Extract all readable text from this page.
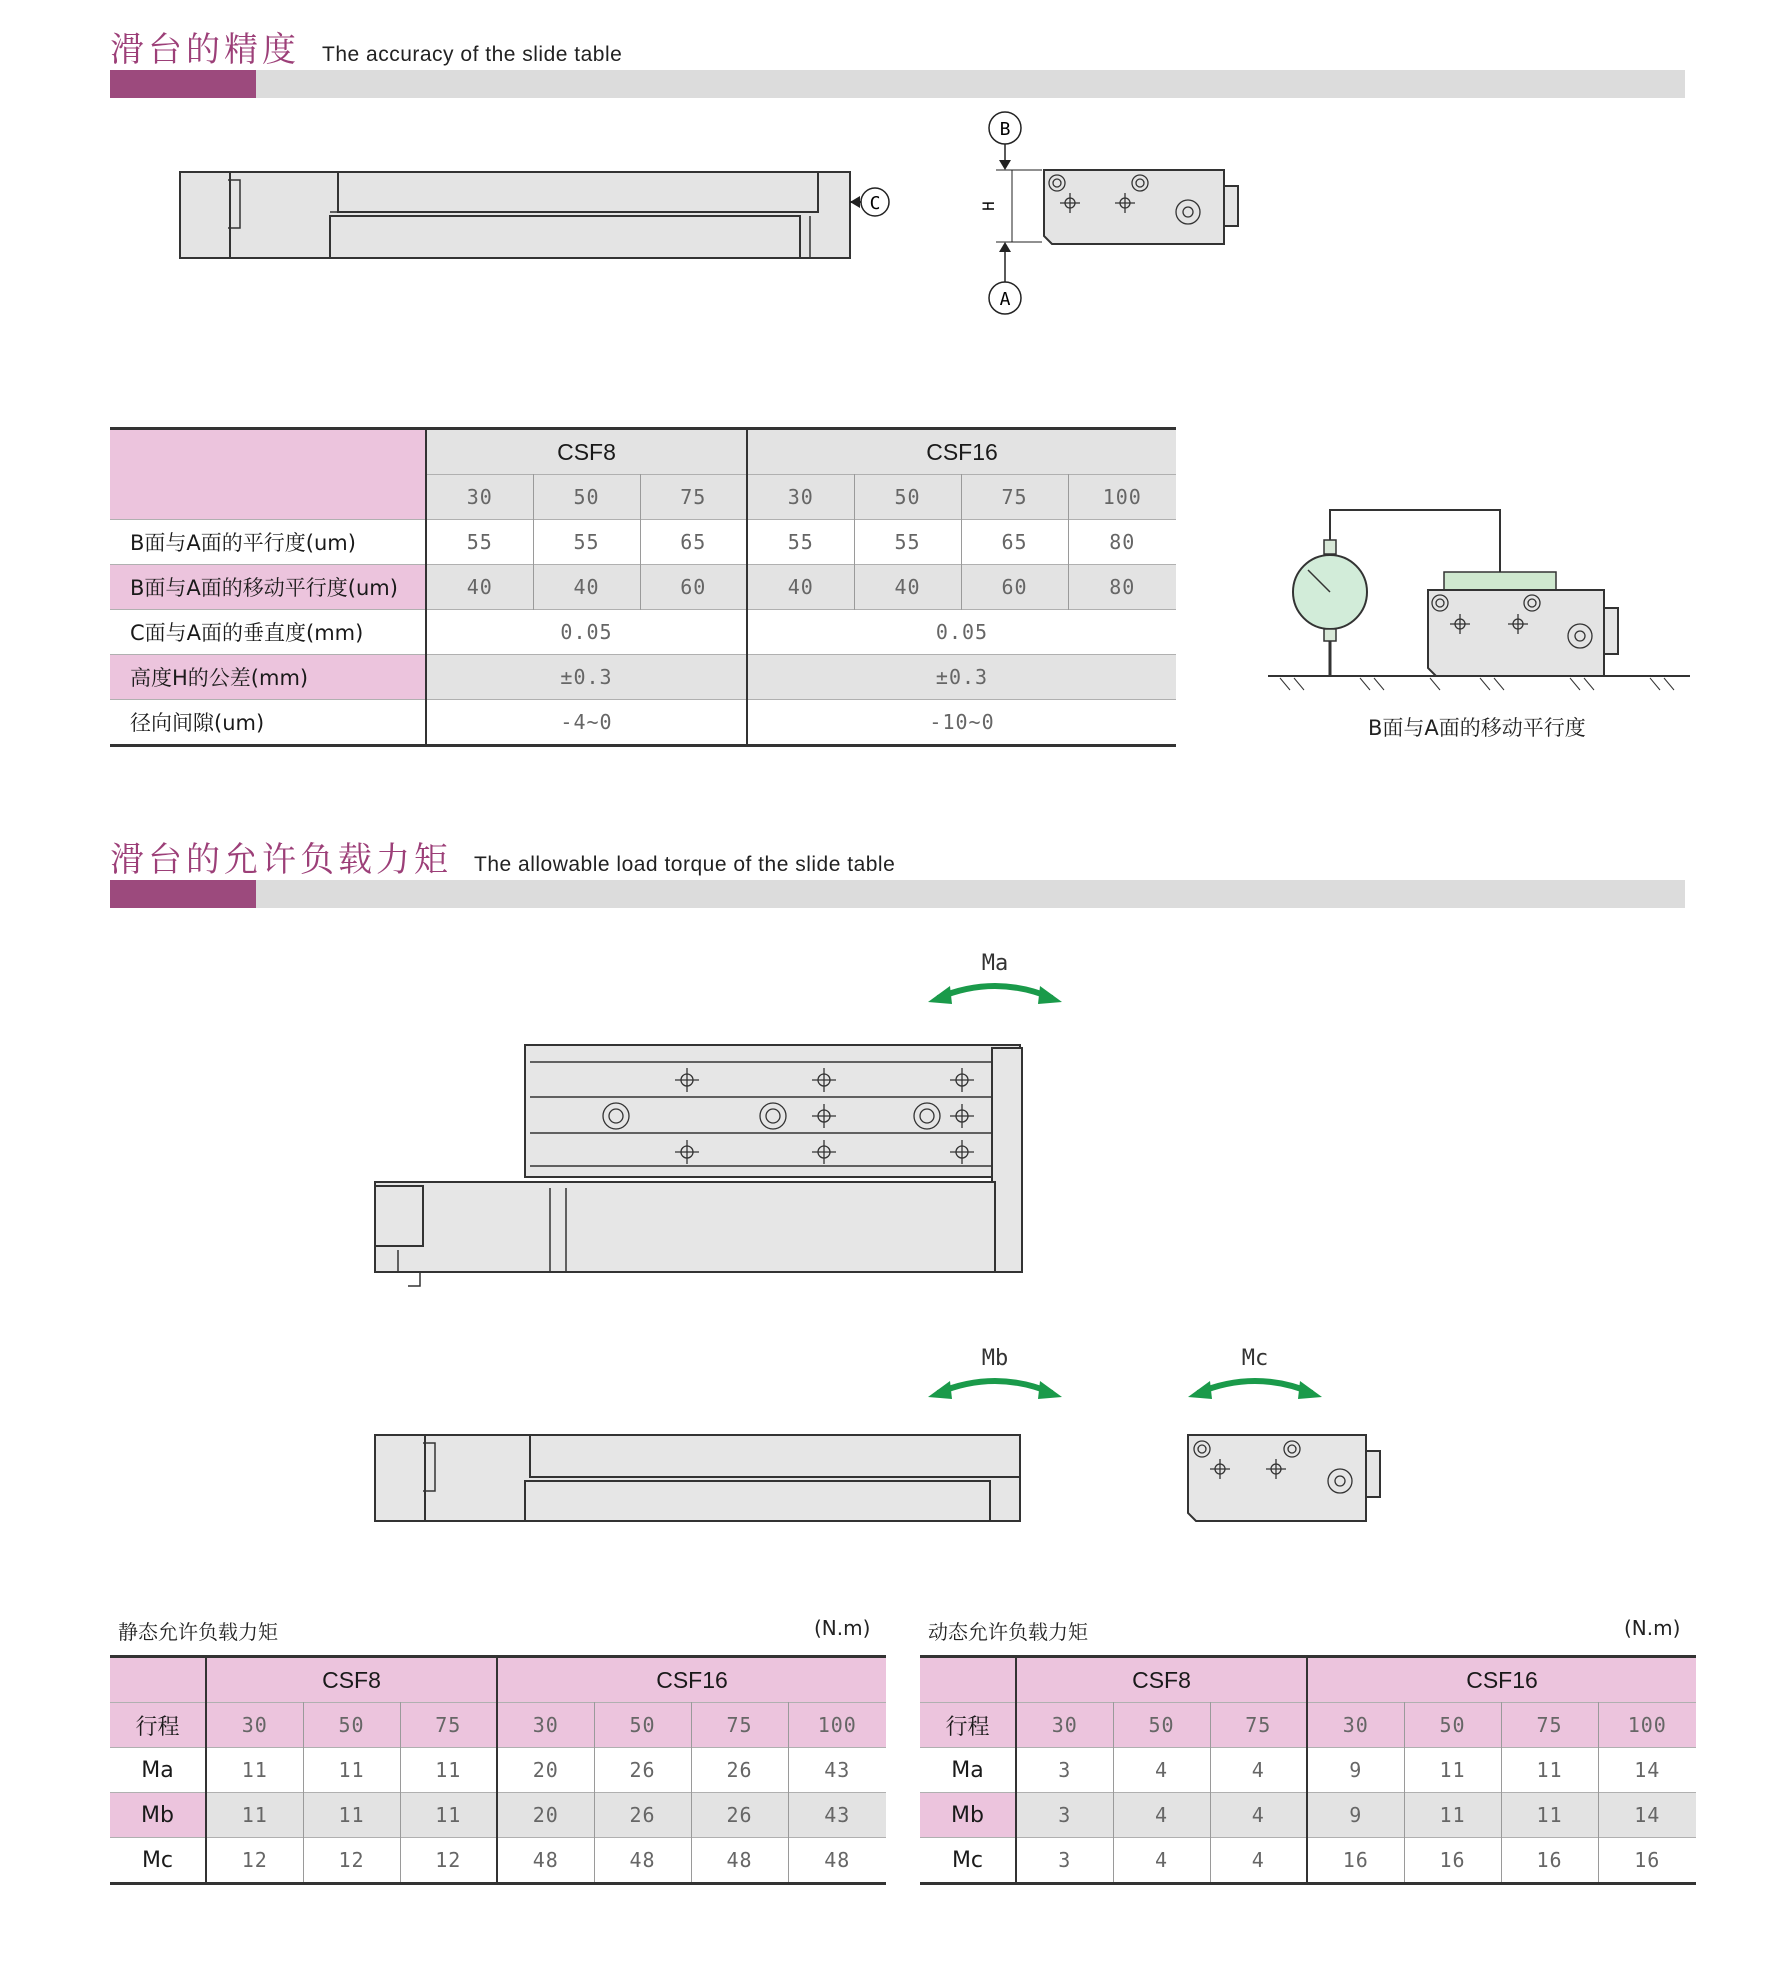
滑台的精度 The accuracy of the slide table
C
B
A
H
	CSF8			CSF16			
	30	50	75	30	50	75	100
B面与A面的平行度(um)	55	55	65	55	55	65	80
B面与A面的移动平行度(um)	40	40	60	40	40	60	80
C面与A面的垂直度(mm)	0.05			0.05			
高度H的公差(mm)	±0.3			±0.3			
径向间隙(um)	-4~0			-10~0				B面与A面的移动平行度
滑台的允许负载力矩 The allowable load torque of the slide table
Ma
Mb	Mc
静态允许负载力矩	(N.m)
	CSF8			CSF16			
行程	30	50	75	30	50	75	100
Ma	11	11	11	20	26	26	43
Mb	11	11	11	20	26	26	43
Mc	12	12	12	48	48	48	48
动态允许负载力矩	(N.m)
	CSF8			CSF16			
行程	30	50	75	30	50	75	100
Ma	3	4	4	9	11	11	14
Mb	3	4	4	9	11	11	14
Mc	3	4	4	16	16	16	16
